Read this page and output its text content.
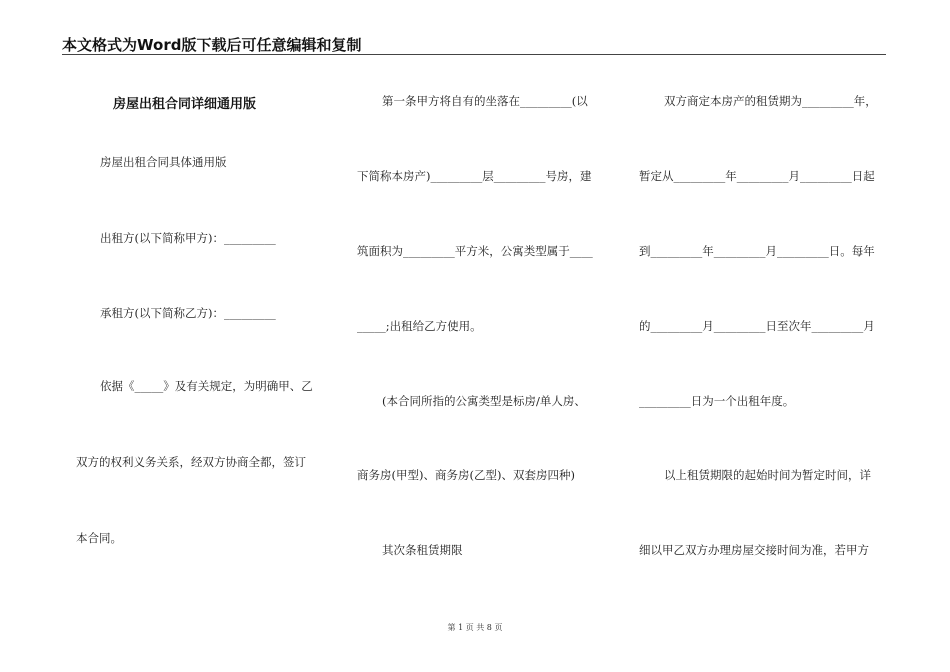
本文格式为Word版下载后可任意编辑和复制
房屋出租合同详细通用版
房屋出租合同具体通用版
出租方(以下简称甲方)：_________
承租方(以下简称乙方)：_________
依据《_____》及有关规定，为明确甲、乙
双方的权利义务关系，经双方协商全都，签订
本合同。
第一条甲方将自有的坐落在_________(以
下简称本房产)_________层_________号房，建
筑面积为_________平方米，公寓类型属于____
_____;出租给乙方使用。
(本合同所指的公寓类型是标房/单人房、
商务房(甲型)、商务房(乙型)、双套房四种)
其次条租赁期限
双方商定本房产的租赁期为_________年，
暂定从_________年_________月_________日起
到_________年_________月_________日。每年
的_________月_________日至次年_________月
_________日为一个出租年度。
以上租赁期限的起始时间为暂定时间，详
细以甲乙双方办理房屋交接时间为准，若甲方
第 1 页 共 8 页
